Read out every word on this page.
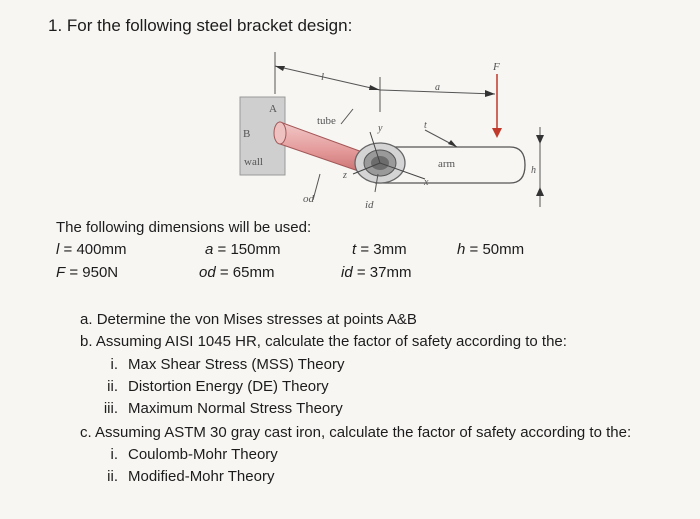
1. For the following steel bracket design:
l
a
F
A
B
tube
y	t
arm
h
x
z
wall
od	id
The following dimensions will be used:
l = 400mm	a = 150mm	t = 3mm	h = 50mm
F = 950N	od = 65mm	id = 37mm
a. Determine the von Mises stresses at points A&B
b. Assuming AISI 1045 HR, calculate the factor of safety according to the:
i. Max Shear Stress (MSS) Theory
ii. Distortion Energy (DE) Theory
iii. Maximum Normal Stress Theory
c. Assuming ASTM 30 gray cast iron, calculate the factor of safety according to the:
i. Coulomb-Mohr Theory
ii. Modified-Mohr Theory
